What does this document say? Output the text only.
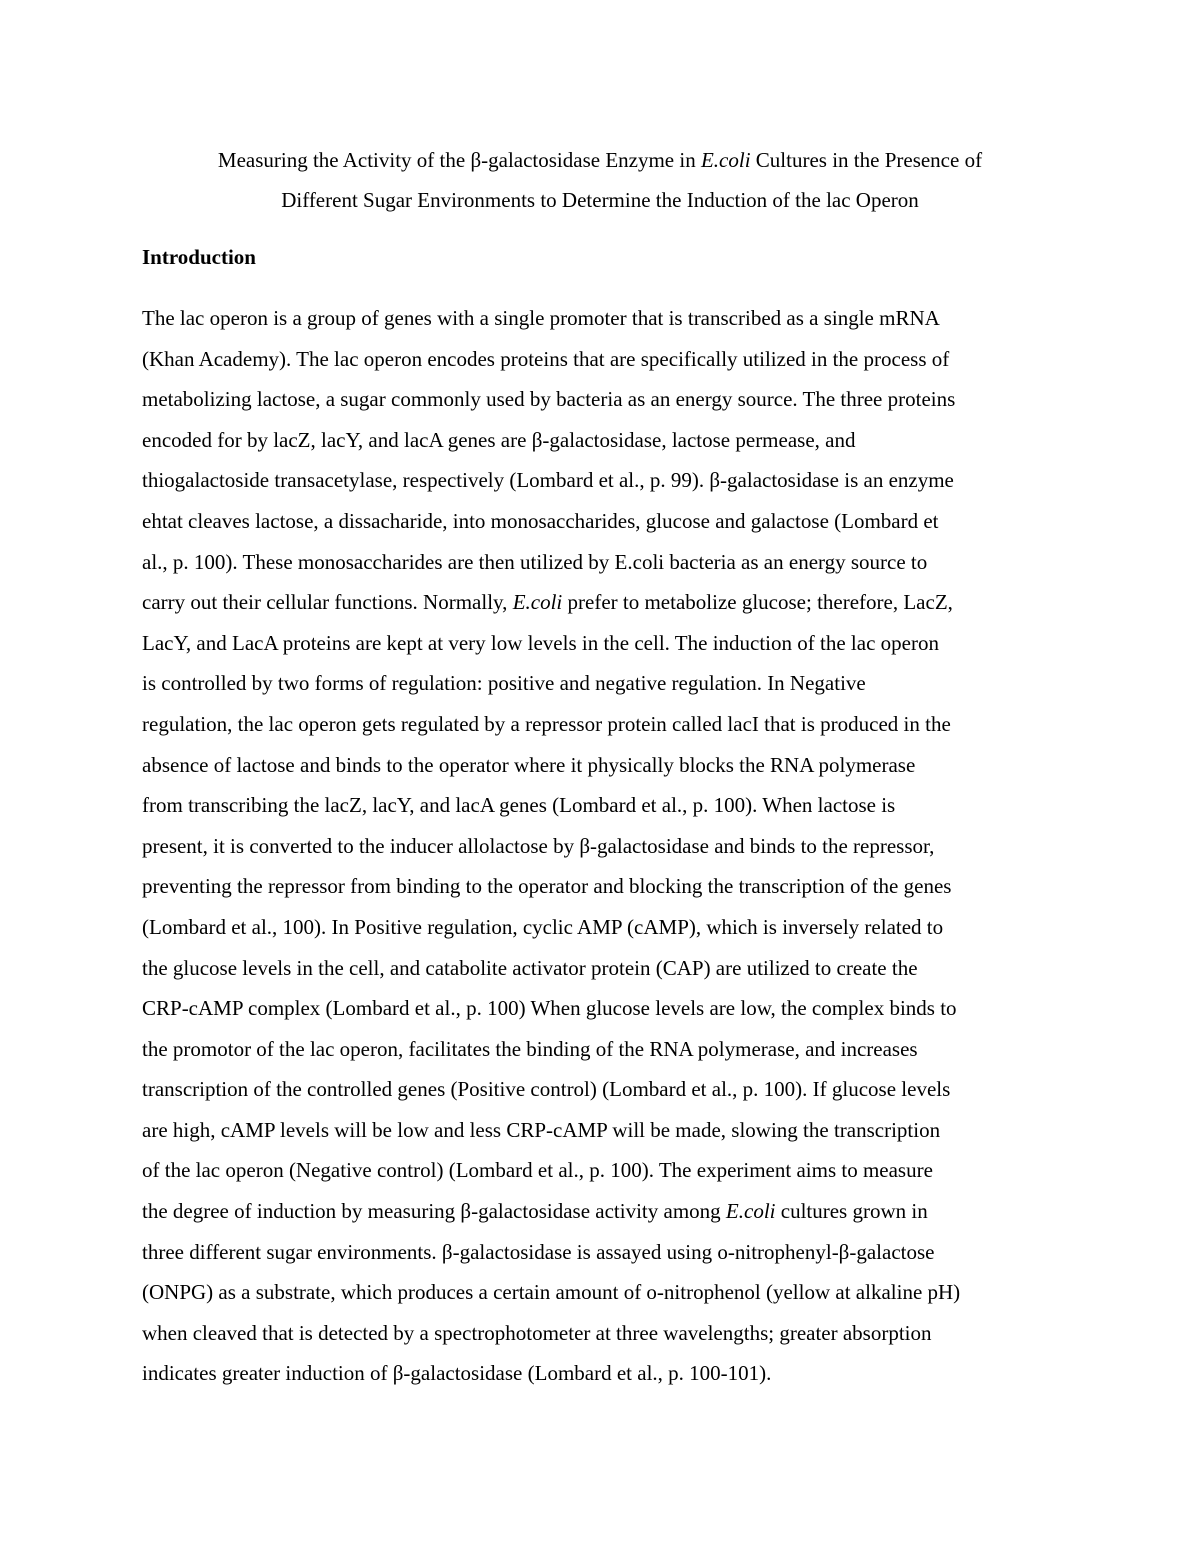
Measuring the Activity of the β-galactosidase Enzyme in E.coli Cultures in the Presence of
Different Sugar Environments to Determine the Induction of the lac Operon
Introduction
The lac operon is a group of genes with a single promoter that is transcribed as a single mRNA
(Khan Academy). The lac operon encodes proteins that are specifically utilized in the process of
metabolizing lactose, a sugar commonly used by bacteria as an energy source. The three proteins
encoded for by lacZ, lacY, and lacA genes are β-galactosidase, lactose permease, and
thiogalactoside transacetylase, respectively (Lombard et al., p. 99). β-galactosidase is an enzyme
ehtat cleaves lactose, a dissacharide, into monosaccharides, glucose and galactose (Lombard et
al., p. 100). These monosaccharides are then utilized by E.coli bacteria as an energy source to
carry out their cellular functions. Normally, E.coli prefer to metabolize glucose; therefore, LacZ,
LacY, and LacA proteins are kept at very low levels in the cell. The induction of the lac operon
is controlled by two forms of regulation: positive and negative regulation. In Negative
regulation, the lac operon gets regulated by a repressor protein called lacI that is produced in the
absence of lactose and binds to the operator where it physically blocks the RNA polymerase
from transcribing the lacZ, lacY, and lacA genes (Lombard et al., p. 100). When lactose is
present, it is converted to the inducer allolactose by β-galactosidase and binds to the repressor,
preventing the repressor from binding to the operator and blocking the transcription of the genes
(Lombard et al., 100). In Positive regulation, cyclic AMP (cAMP), which is inversely related to
the glucose levels in the cell, and catabolite activator protein (CAP) are utilized to create the
CRP-cAMP complex (Lombard et al., p. 100) When glucose levels are low, the complex binds to
the promotor of the lac operon, facilitates the binding of the RNA polymerase, and increases
transcription of the controlled genes (Positive control) (Lombard et al., p. 100). If glucose levels
are high, cAMP levels will be low and less CRP-cAMP will be made, slowing the transcription
of the lac operon (Negative control) (Lombard et al., p. 100). The experiment aims to measure
the degree of induction by measuring β-galactosidase activity among E.coli cultures grown in
three different sugar environments. β-galactosidase is assayed using o-nitrophenyl-β-galactose
(ONPG) as a substrate, which produces a certain amount of o-nitrophenol (yellow at alkaline pH)
when cleaved that is detected by a spectrophotometer at three wavelengths; greater absorption
indicates greater induction of β-galactosidase (Lombard et al., p. 100-101).
